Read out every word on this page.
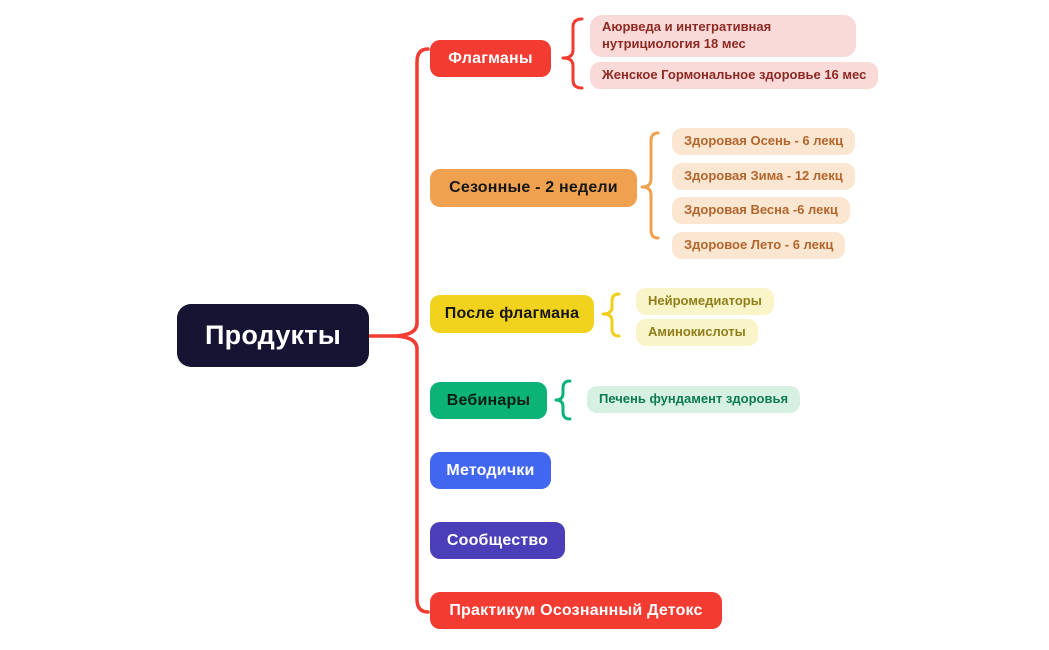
Продукты
Флагманы
Сезонные - 2 недели
После флагмана
Вебинары
Методички
Сообщество
Практикум Осознанный Детокс
Аюрведа и интегративная нутрициология 18 мес
Женское Гормональное здоровье 16 мес
Здоровая Осень - 6 лекц
Здоровая Зима - 12 лекц
Здоровая Весна -6 лекц
Здоровое Лето - 6 лекц
Нейромедиаторы
Аминокислоты
Печень фундамент здоровья
